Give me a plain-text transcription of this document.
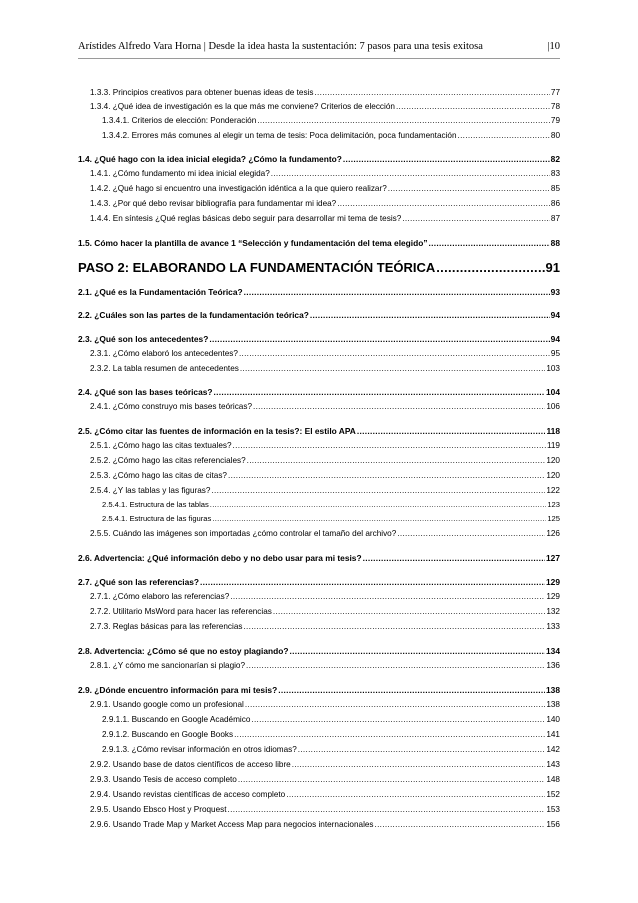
Arístides Alfredo Vara Horna | Desde la idea hasta la sustentación: 7 pasos para una tesis exitosa	|10
1.3.3. Principios creativos para obtener buenas ideas de tesis .....	77
1.3.4. ¿Qué idea de investigación es la que más me conviene? Criterios de elección .....	78
1.3.4.1. Criterios de elección: Ponderación .....	79
1.3.4.2. Errores más comunes al elegir un tema de tesis: Poca delimitación, poca fundamentación .....	80
1.4. ¿Qué hago con la idea inicial elegida? ¿Cómo la fundamento? .....	82
1.4.1. ¿Cómo fundamento mi idea inicial elegida? .....	83
1.4.2. ¿Qué hago si encuentro una investigación idéntica a la que quiero realizar? .....	85
1.4.3. ¿Por qué debo revisar bibliografía para fundamentar mi idea? .....	86
1.4.4. En síntesis ¿Qué reglas básicas debo seguir para desarrollar mi tema de tesis? .....	87
1.5. Cómo hacer la plantilla de avance 1 “Selección y fundamentación del tema elegido” .....	88
PASO 2: ELABORANDO LA FUNDAMENTACIÓN TEÓRICA .....	91
2.1. ¿Qué es la Fundamentación Teórica? .....	93
2.2. ¿Cuáles son las partes de la fundamentación teórica? .....	94
2.3. ¿Qué son los antecedentes? .....	94
2.3.1. ¿Cómo elaboró los antecedentes? .....	95
2.3.2. La tabla resumen de antecedentes .....	103
2.4. ¿Qué son las bases teóricas? .....	104
2.4.1. ¿Cómo construyo mis bases teóricas? .....	106
2.5. ¿Cómo citar las fuentes de información en la tesis?: El estilo APA .....	118
2.5.1. ¿Cómo hago las citas textuales? .....	119
2.5.2. ¿Cómo hago las citas referenciales? .....	120
2.5.3. ¿Cómo hago las citas de citas? .....	120
2.5.4. ¿Y las tablas y las figuras? .....	122
2.5.4.1. Estructura de las tablas .....	123
2.5.4.1. Estructura de las figuras .....	125
2.5.5. Cuándo las imágenes son importadas ¿cómo controlar el tamaño del archivo? .....	126
2.6. Advertencia: ¿Qué información debo y no debo usar para mi tesis? .....	127
2.7. ¿Qué son las referencias? .....	129
2.7.1. ¿Cómo elaboro las referencias? .....	129
2.7.2. Utilitario MsWord para hacer las referencias .....	132
2.7.3. Reglas básicas para las referencias .....	133
2.8. Advertencia: ¿Cómo sé que no estoy plagiando? .....	134
2.8.1. ¿Y cómo me sancionarían si plagio? .....	136
2.9. ¿Dónde encuentro información para mi tesis? .....	138
2.9.1. Usando google como un profesional .....	138
2.9.1.1. Buscando en Google Académico .....	140
2.9.1.2. Buscando en Google Books .....	141
2.9.1.3. ¿Cómo revisar información en otros idiomas? .....	142
2.9.2. Usando base de datos científicos de acceso libre .....	143
2.9.3. Usando Tesis de acceso completo .....	148
2.9.4. Usando revistas científicas de acceso completo .....	152
2.9.5. Usando Ebsco Host y Proquest .....	153
2.9.6. Usando Trade Map y Market Access Map para negocios internacionales .....	156
